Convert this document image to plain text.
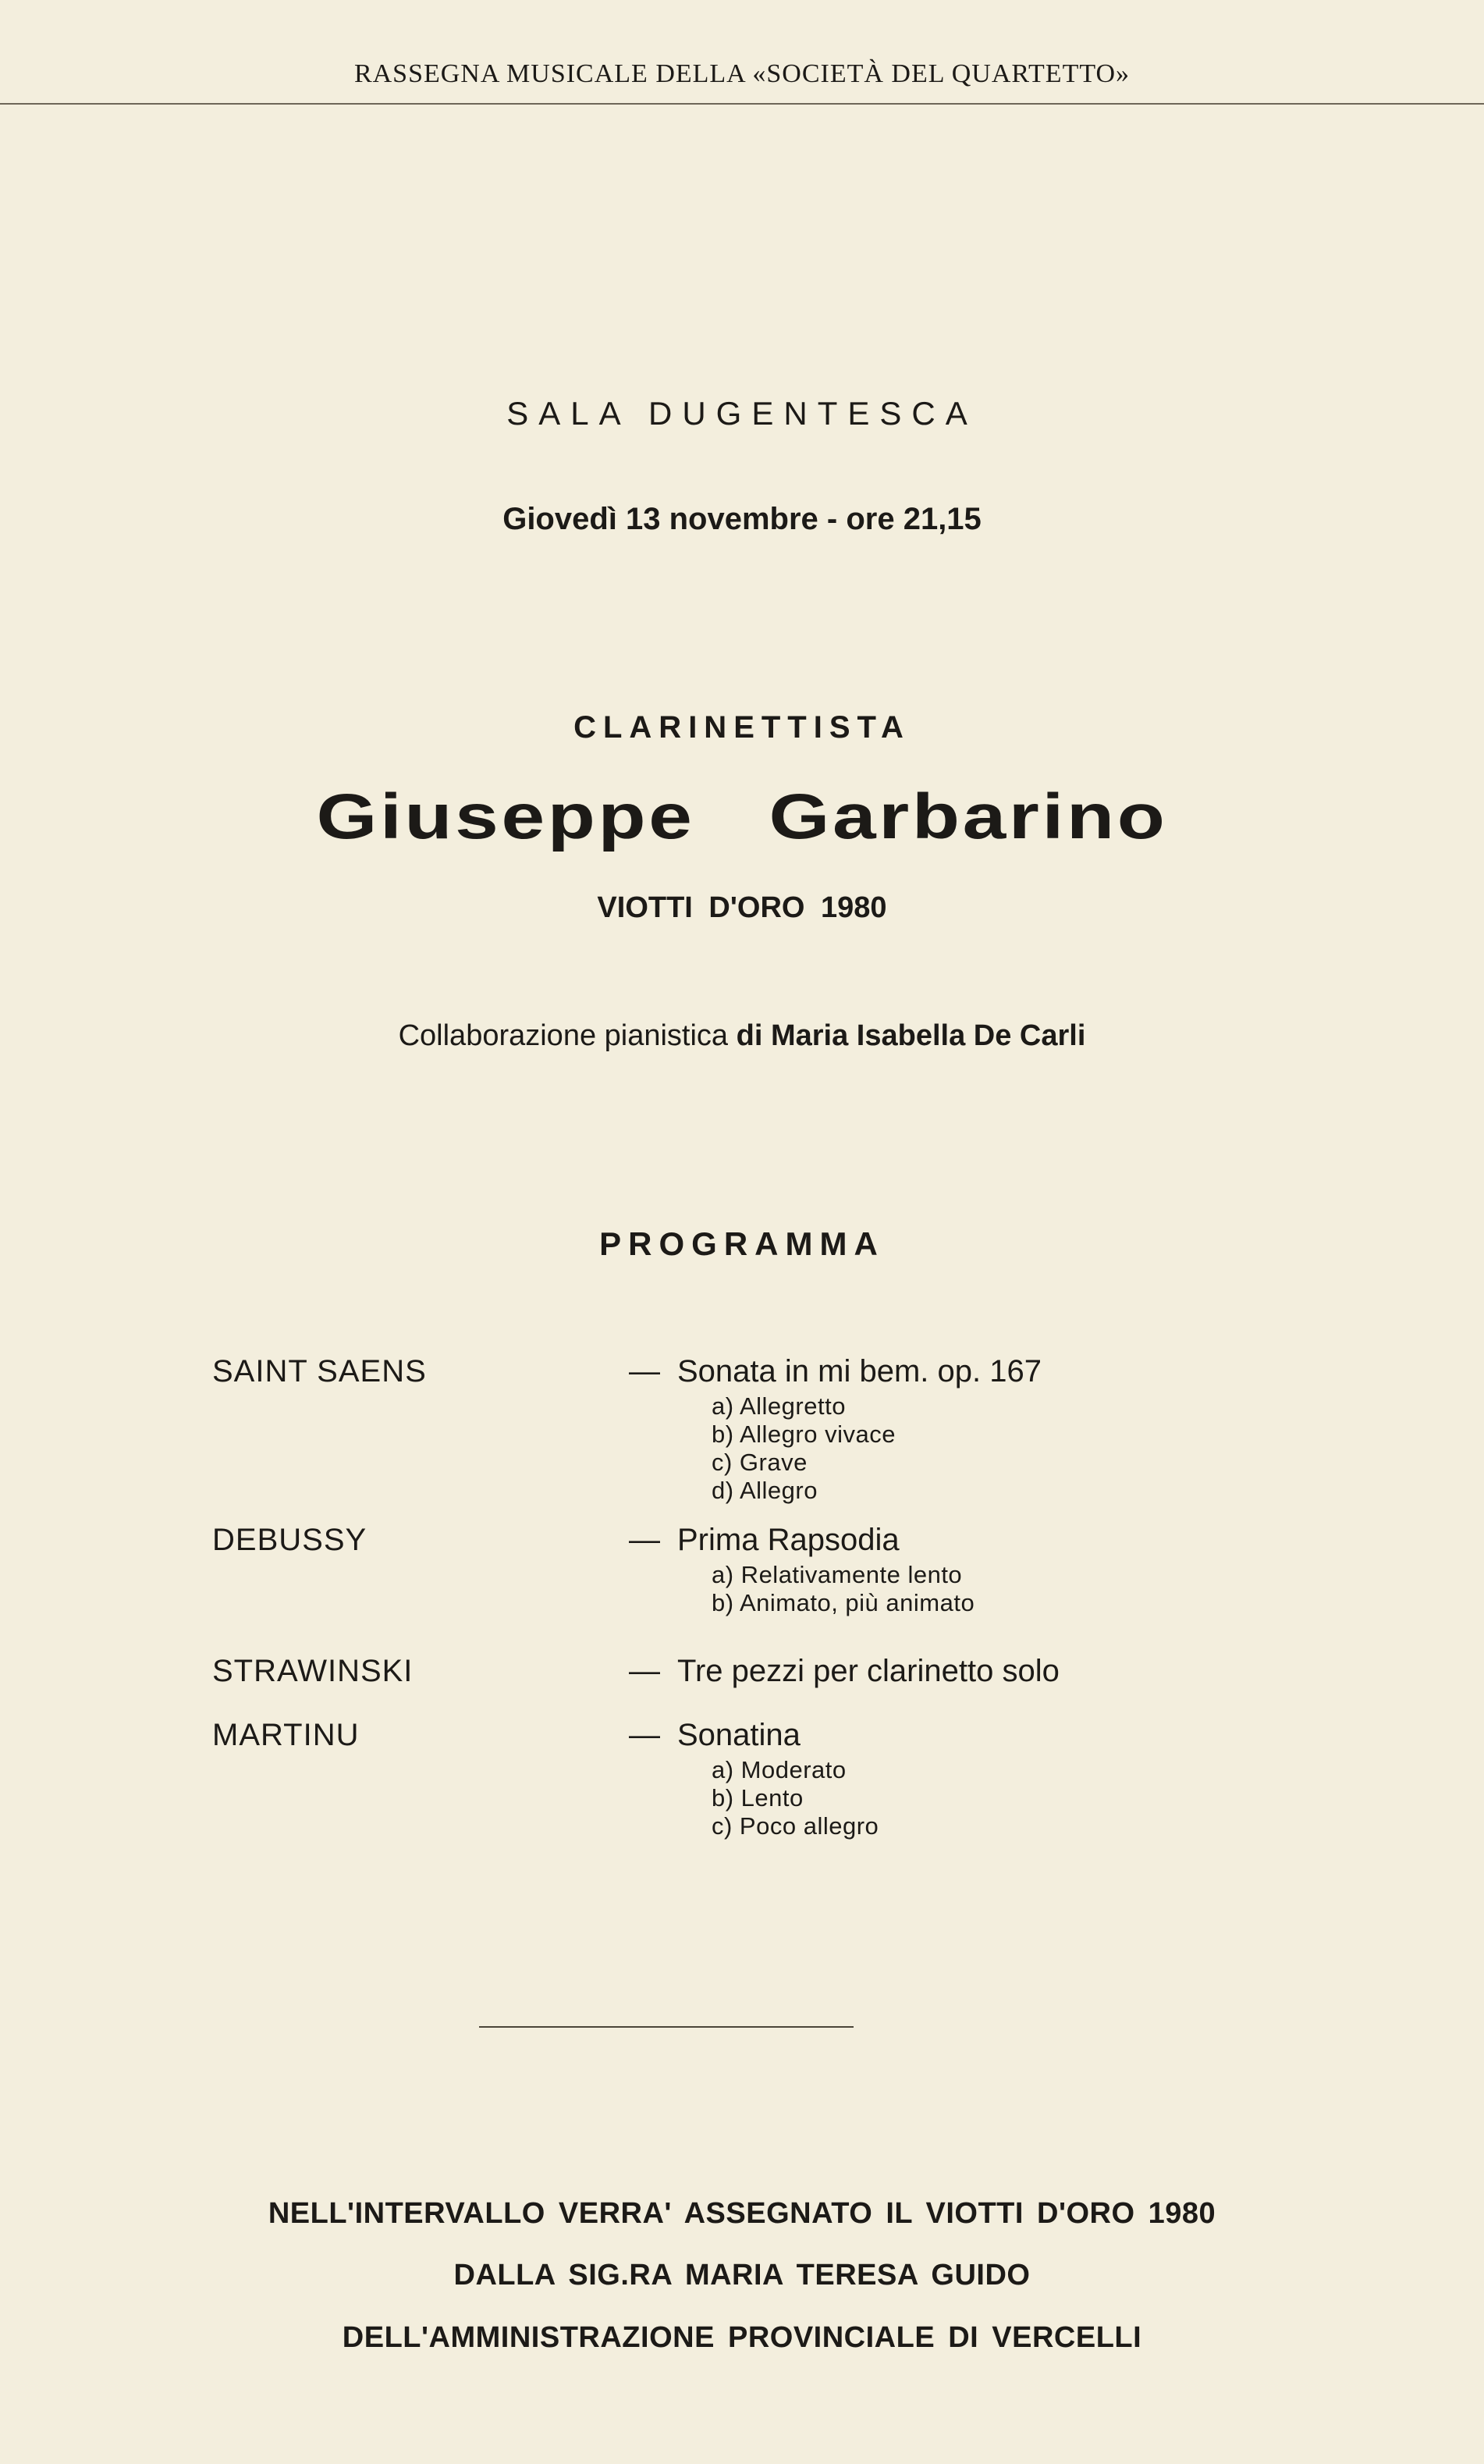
RASSEGNA MUSICALE DELLA «SOCIETÀ DEL QUARTETTO»
SALA DUGENTESCA
Giovedì 13 novembre - ore 21,15
CLARINETTISTA
Giuseppe Garbarino
VIOTTI D'ORO 1980
Collaborazione pianistica di Maria Isabella De Carli
PROGRAMMA
SAINT SAENS	— Sonata in mi bem. op. 167
a) Allegretto
b) Allegro vivace
c) Grave
d) Allegro
DEBUSSY	— Prima Rapsodia
a) Relativamente lento
b) Animato, più animato
STRAWINSKI	— Tre pezzi per clarinetto solo
MARTINU	— Sonatina
a) Moderato
b) Lento
c) Poco allegro
NELL'INTERVALLO VERRA' ASSEGNATO IL VIOTTI D'ORO 1980
DALLA SIG.RA MARIA TERESA GUIDO
DELL'AMMINISTRAZIONE PROVINCIALE DI VERCELLI
